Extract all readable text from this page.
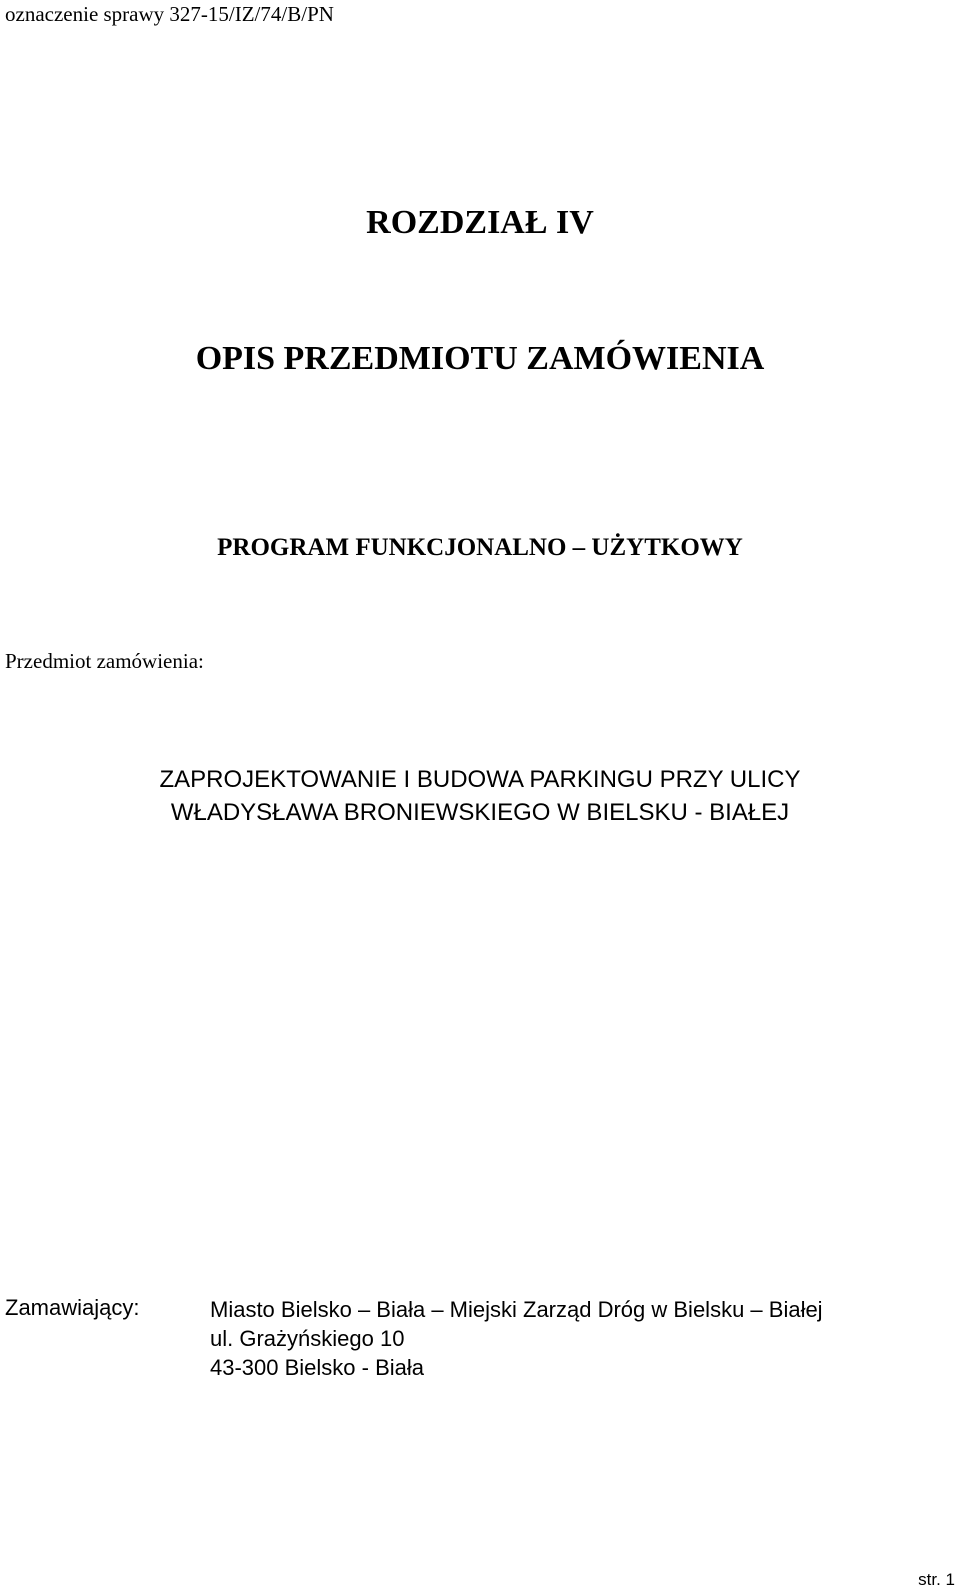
oznaczenie sprawy 327-15/IZ/74/B/PN
ROZDZIAŁ IV
OPIS PRZEDMIOTU ZAMÓWIENIA
PROGRAM FUNKCJONALNO – UŻYTKOWY
Przedmiot zamówienia:
ZAPROJEKTOWANIE I BUDOWA PARKINGU PRZY ULICY
WŁADYSŁAWA BRONIEWSKIEGO W BIELSKU - BIAŁEJ
Zamawiający:	Miasto Bielsko – Biała – Miejski Zarząd Dróg w Bielsku – Białej
ul. Grażyńskiego 10
43-300 Bielsko - Biała
str. 1
